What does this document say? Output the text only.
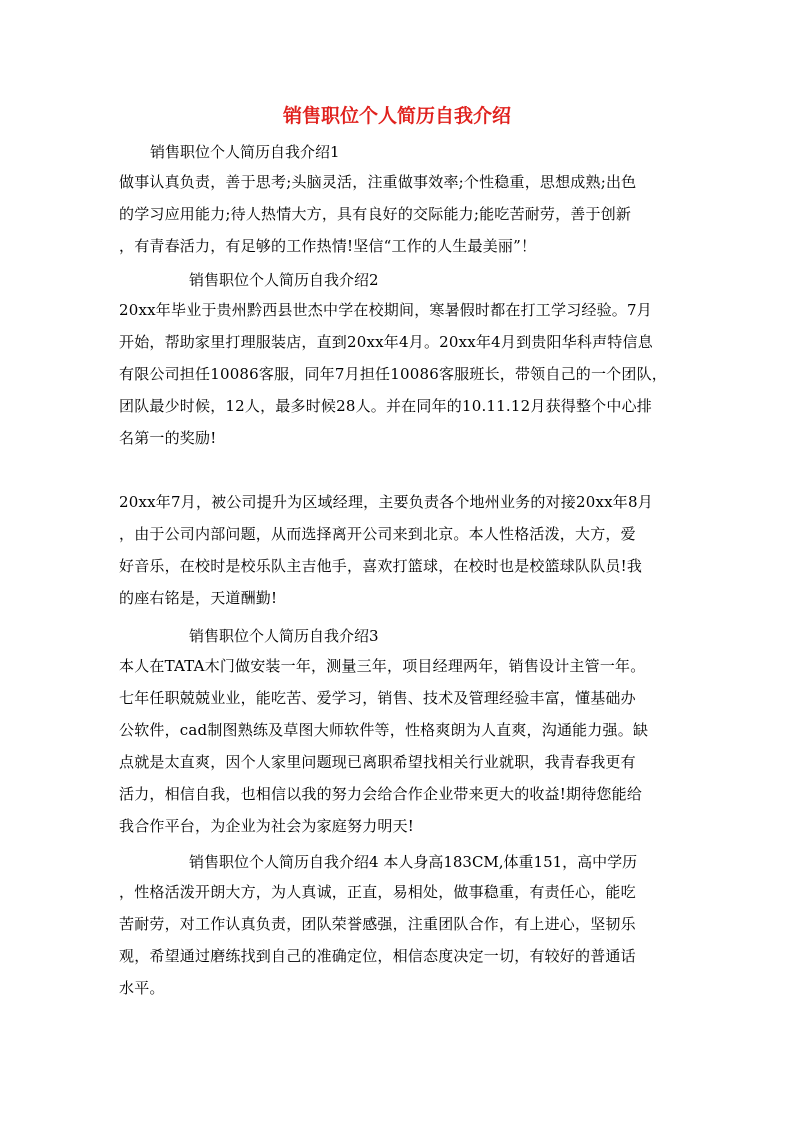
销售职位个人简历自我介绍
销售职位个人简历自我介绍1
做事认真负责，善于思考;头脑灵活，注重做事效率;个性稳重，思想成熟;出色
的学习应用能力;待人热情大方，具有良好的交际能力;能吃苦耐劳，善于创新
，有青春活力，有足够的工作热情!坚信“工作的人生最美丽”！
销售职位个人简历自我介绍2
20xx年毕业于贵州黔西县世杰中学在校期间，寒暑假时都在打工学习经验。7月
开始，帮助家里打理服装店，直到20xx年4月。20xx年4月到贵阳华科声特信息
有限公司担任10086客服，同年7月担任10086客服班长，带领自己的一个团队，
团队最少时候，12人，最多时候28人。并在同年的10.11.12月获得整个中心排
名第一的奖励!
20xx年7月，被公司提升为区域经理，主要负责各个地州业务的对接20xx年8月
，由于公司内部问题，从而选择离开公司来到北京。本人性格活泼，大方，爱
好音乐，在校时是校乐队主吉他手，喜欢打篮球，在校时也是校篮球队队员!我
的座右铭是，天道酬勤!
销售职位个人简历自我介绍3
本人在TATA木门做安装一年，测量三年，项目经理两年，销售设计主管一年。
七年任职兢兢业业，能吃苦、爱学习，销售、技术及管理经验丰富，懂基础办
公软件，cad制图熟练及草图大师软件等，性格爽朗为人直爽，沟通能力强。缺
点就是太直爽，因个人家里问题现已离职希望找相关行业就职，我青春我更有
活力，相信自我，也相信以我的努力会给合作企业带来更大的收益!期待您能给
我合作平台，为企业为社会为家庭努力明天!
销售职位个人简历自我介绍4 本人身高183CM,体重151，高中学历
，性格活泼开朗大方，为人真诚，正直，易相处，做事稳重，有责任心，能吃
苦耐劳，对工作认真负责，团队荣誉感强，注重团队合作，有上进心，坚韧乐
观，希望通过磨练找到自己的准确定位，相信态度决定一切，有较好的普通话
水平。
